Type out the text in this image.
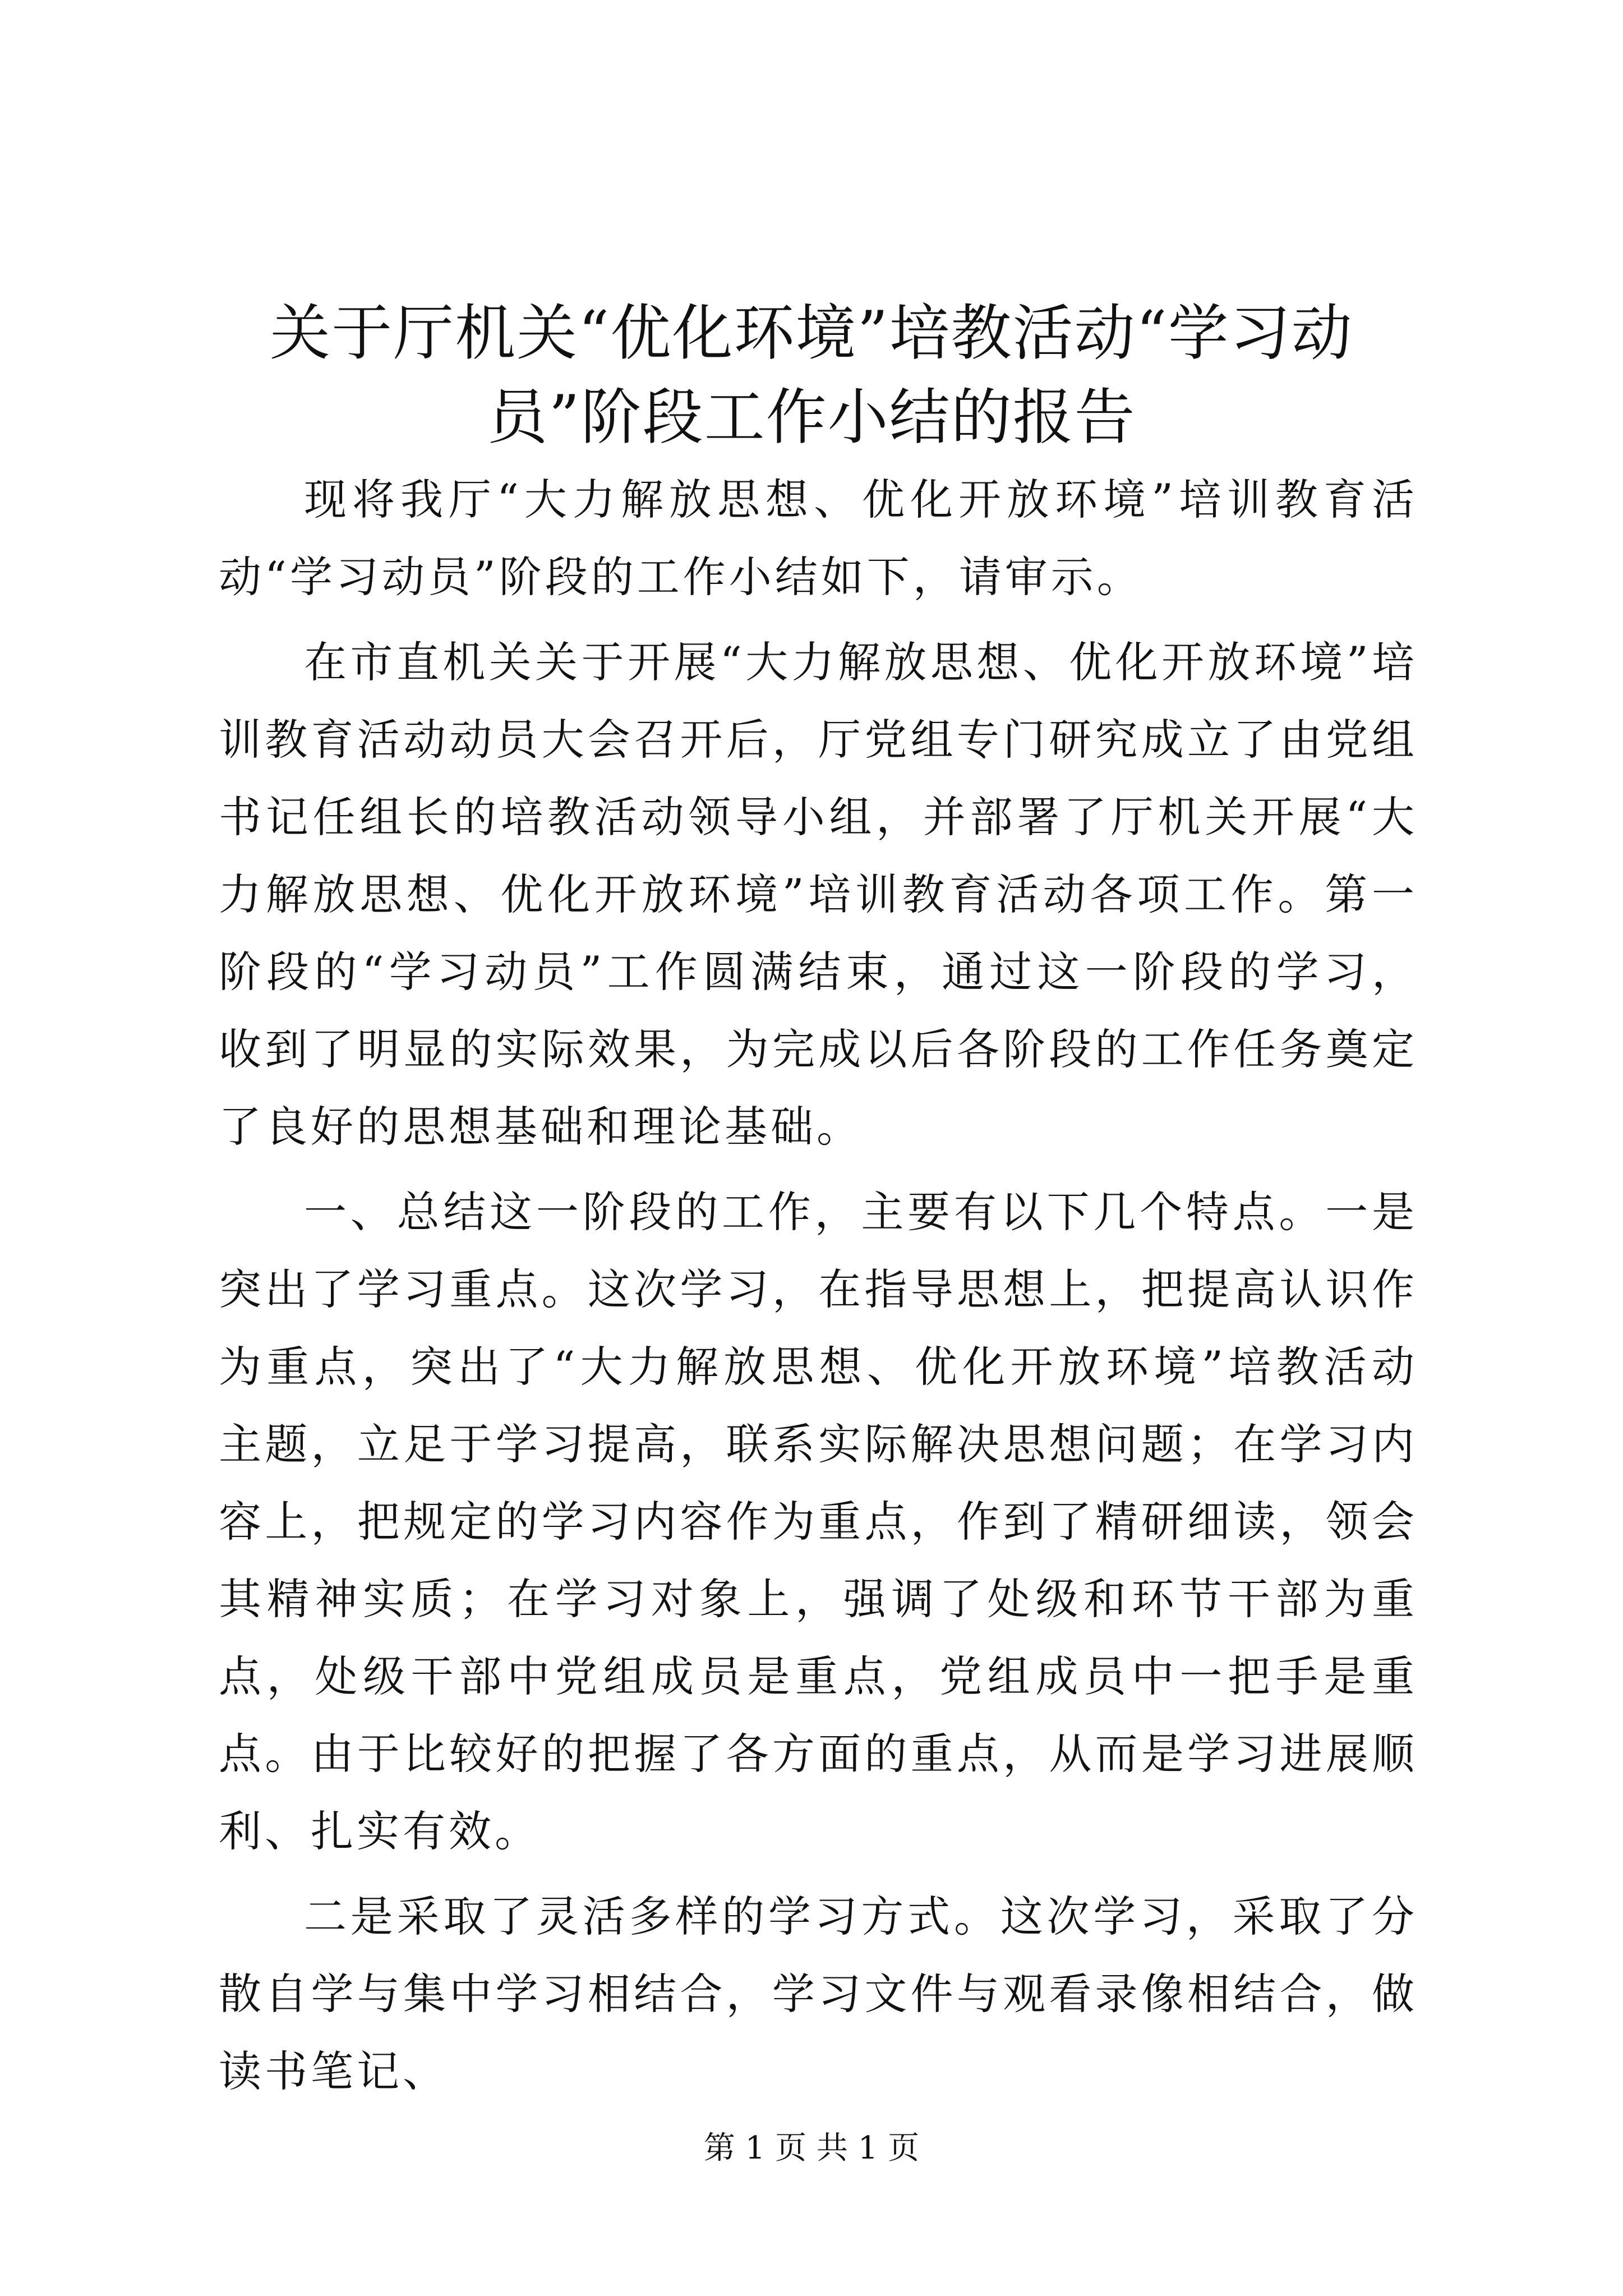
关于厅机关“优化环境”培教活动“学习动员”阶段工作小结的报告

现将我厅“大力解放思想、优化开放环境”培训教育活动“学习动员”阶段的工作小结如下，请审示。

在市直机关关于开展“大力解放思想、优化开放环境”培训教育活动动员大会召开后，厅党组专门研究成立了由党组书记任组长的培教活动领导小组，并部署了厅机关开展“大力解放思想、优化开放环境”培训教育活动各项工作。第一阶段的“学习动员”工作圆满结束，通过这一阶段的学习，收到了明显的实际效果，为完成以后各阶段的工作任务奠定了良好的思想基础和理论基础。

一、总结这一阶段的工作，主要有以下几个特点。一是突出了学习重点。这次学习，在指导思想上，把提高认识作为重点，突出了“大力解放思想、优化开放环境”培教活动主题，立足于学习提高，联系实际解决思想问题；在学习内容上，把规定的学习内容作为重点，作到了精研细读，领会其精神实质；在学习对象上，强调了处级和环节干部为重点，处级干部中党组成员是重点，党组成员中一把手是重点。由于比较好的把握了各方面的重点，从而是学习进展顺利、扎实有效。

二是采取了灵活多样的学习方式。这次学习，采取了分散自学与集中学习相结合，学习文件与观看录像相结合，做读书笔记、

第 1 页 共 1 页
